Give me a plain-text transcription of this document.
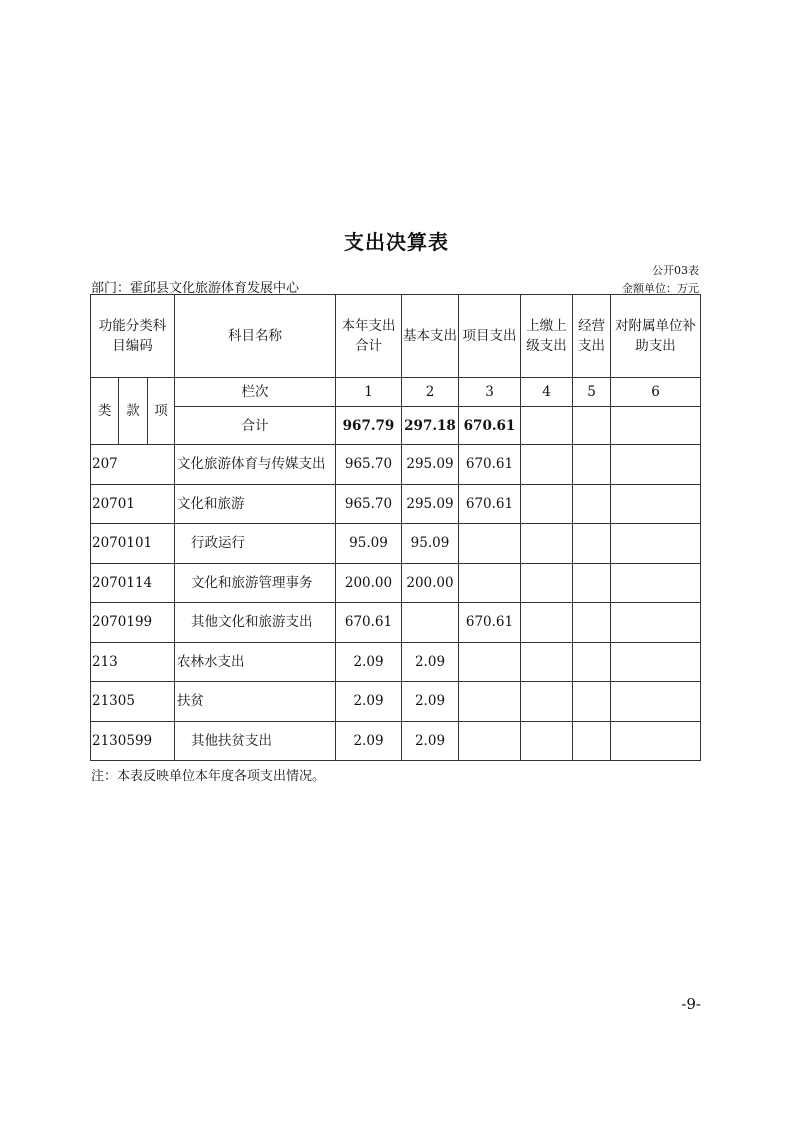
支出决算表
公开03表
部门：霍邱县文化旅游体育发展中心	金额单位：万元
功能分类科目编码			科目名称	本年支出合计	基本支出	项目支出	上缴上级支出	经营支出	对附属单位补助支出
类	款	项	栏次	1	2	3	4	5	6
			合计	967.79	297.18	670.61			
207			文化旅游体育与传媒支出	965.70	295.09	670.61			
20701			文化和旅游	965.70	295.09	670.61			
2070101			行政运行	95.09	95.09				
2070114			文化和旅游管理事务	200.00	200.00				
2070199			其他文化和旅游支出	670.61		670.61			
213			农林水支出	2.09	2.09				
21305			扶贫	2.09	2.09				
2130599			其他扶贫支出	2.09	2.09				
注：本表反映单位本年度各项支出情况。
-9-
